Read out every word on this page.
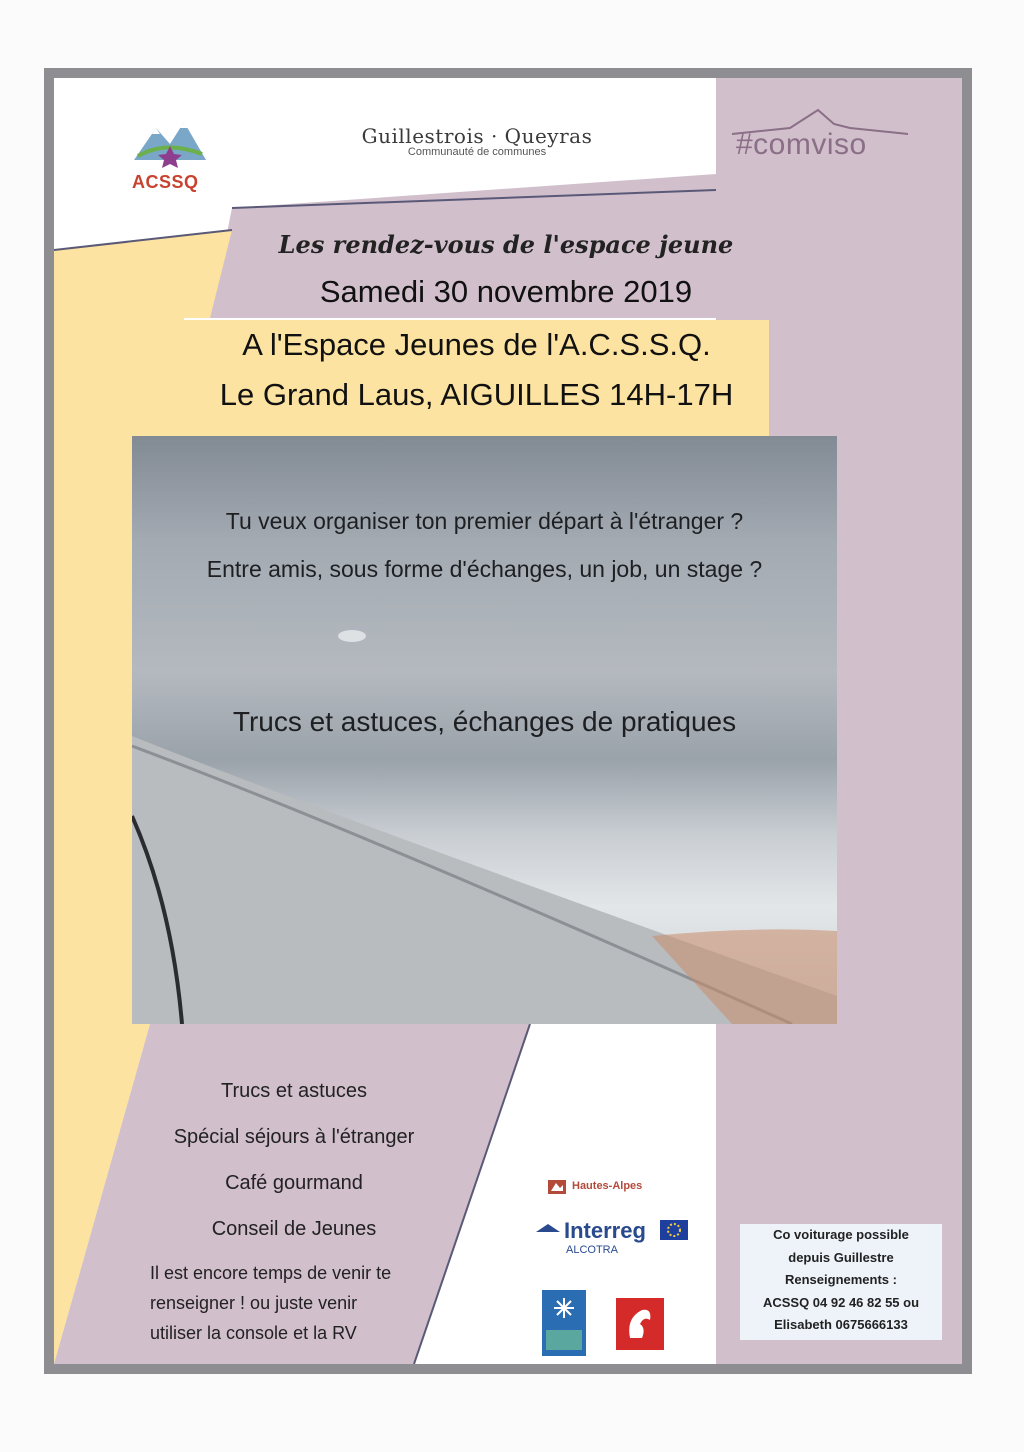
ACSSQ
Guillestrois · Queyras
Communauté de communes	#comviso
Les rendez-vous de l'espace jeune
Samedi 30 novembre 2019
A l'Espace Jeunes de l'A.C.S.S.Q.
Le Grand Laus, AIGUILLES 14H-17H
Tu veux organiser ton premier départ à l'étranger ?
Entre amis, sous forme d'échanges, un job, un stage ?
Trucs et astuces, échanges de pratiques
Trucs et astuces
Spécial séjours à l'étranger
Café gourmand
Conseil de Jeunes
Il est encore temps de venir te
renseigner ! ou juste venir
utiliser la console et la RV
Hautes-Alpes
Interreg
ALCOTRA
Co voiturage possible
depuis Guillestre
Renseignements :
ACSSQ 04 92 46 82 55 ou
Elisabeth 0675666133
